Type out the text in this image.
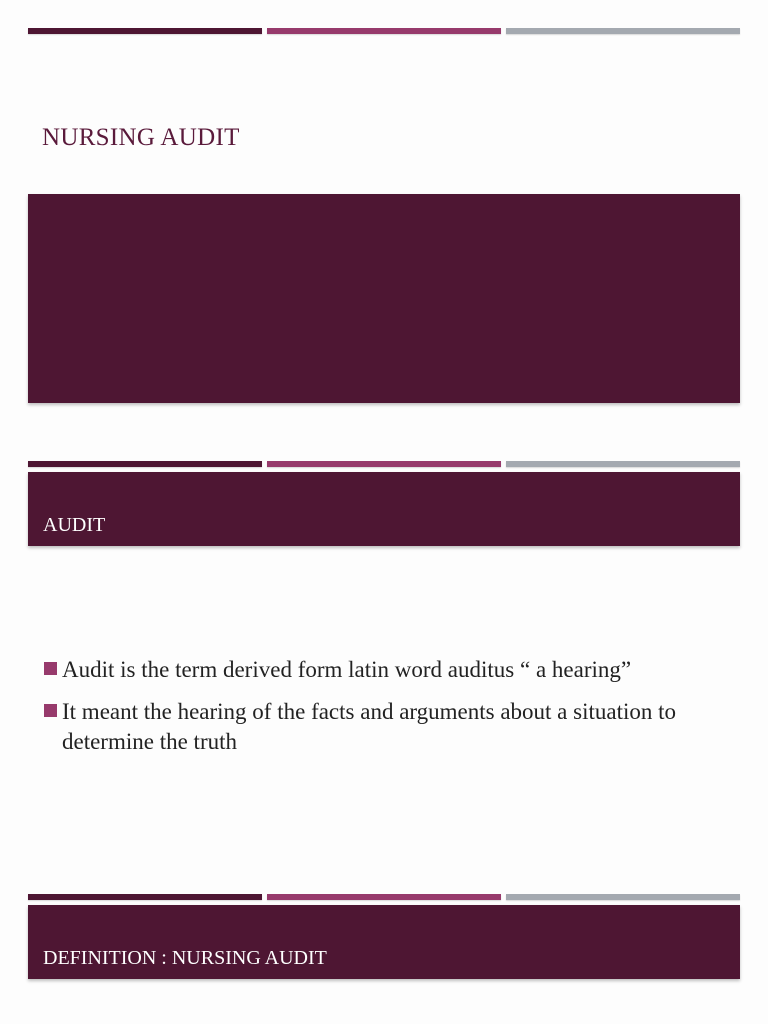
NURSING AUDIT
AUDIT
Audit is the term derived form latin word auditus “ a hearing”
It meant the hearing of the facts and arguments about a situation to determine the truth
DEFINITION : NURSING AUDIT
